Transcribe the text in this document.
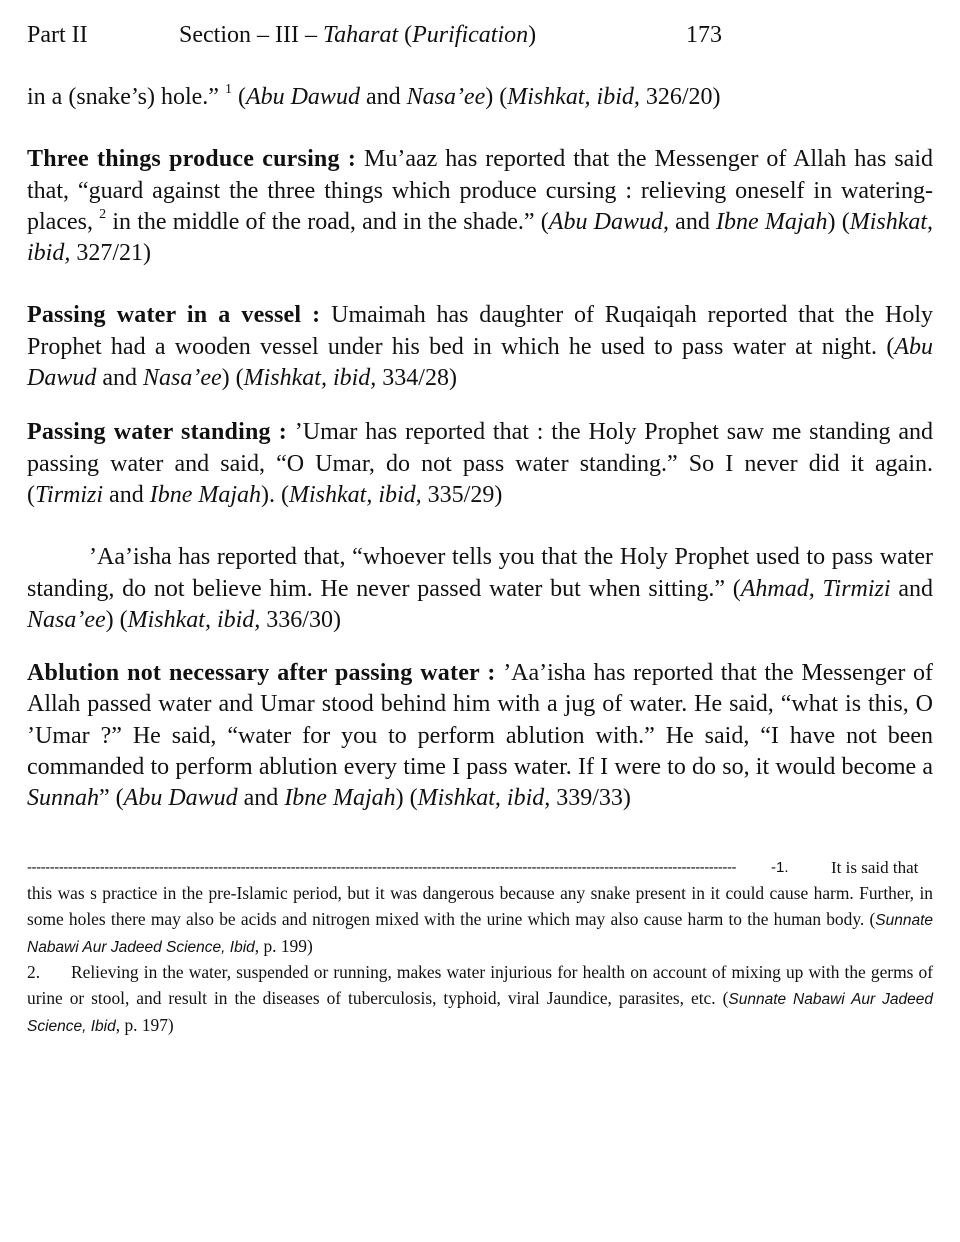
Part II	Section – III – Taharat (Purification)	173

in a (snake’s) hole.” $^1$ (Abu Dawud and Nasa’ee) (Mishkat, ibid, 326/20)

Three things produce cursing : Mu’aaz has reported that the Messenger of Allah has said that, “guard against the three things which produce cursing : relieving oneself in watering-places, $^2$ in the middle of the road, and in the shade.” (Abu Dawud, and Ibne Majah) (Mishkat, ibid, 327/21)

Passing water in a vessel : Umaimah has daughter of Ruqaiqah reported that the Holy Prophet had a wooden vessel under his bed in which he used to pass water at night. (Abu Dawud and Nasa’ee) (Mishkat, ibid, 334/28)

Passing water standing : ’Umar has reported that : the Holy Prophet saw me standing and passing water and said, “O Umar, do not pass water standing.” So I never did it again. (Tirmizi and Ibne Majah). (Mishkat, ibid, 335/29)

’Aa’isha has reported that, “whoever tells you that the Holy Prophet used to pass water standing, do not believe him. He never passed water but when sitting.” (Ahmad, Tirmizi and Nasa’ee) (Mishkat, ibid, 336/30)

Ablution not necessary after passing water : ’Aa’isha has reported that the Messenger of Allah passed water and Umar stood behind him with a jug of water. He said, “what is this, O ’Umar ?” He said, “water for you to perform ablution with.” He said, “I have not been commanded to perform ablution every time I pass water. If I were to do so, it would become a Sunnah” (Abu Dawud and Ibne Majah) (Mishkat, ibid, 339/33)

------------------------------------------------------------------------------------------------------------------------------------------------------------ -1. It is said that

this was s practice in the pre-Islamic period, but it was dangerous because any snake present in it could cause harm. Further, in some holes there may also be acids and nitrogen mixed with the urine which may also cause harm to the human body. (Sunnate Nabawi Aur Jadeed Science, Ibid, p. 199)

2. Relieving in the water, suspended or running, makes water injurious for health on account of mixing up with the germs of urine or stool, and result in the diseases of tuberculosis, typhoid, viral Jaundice, parasites, etc. (Sunnate Nabawi Aur Jadeed Science, Ibid, p. 197)
